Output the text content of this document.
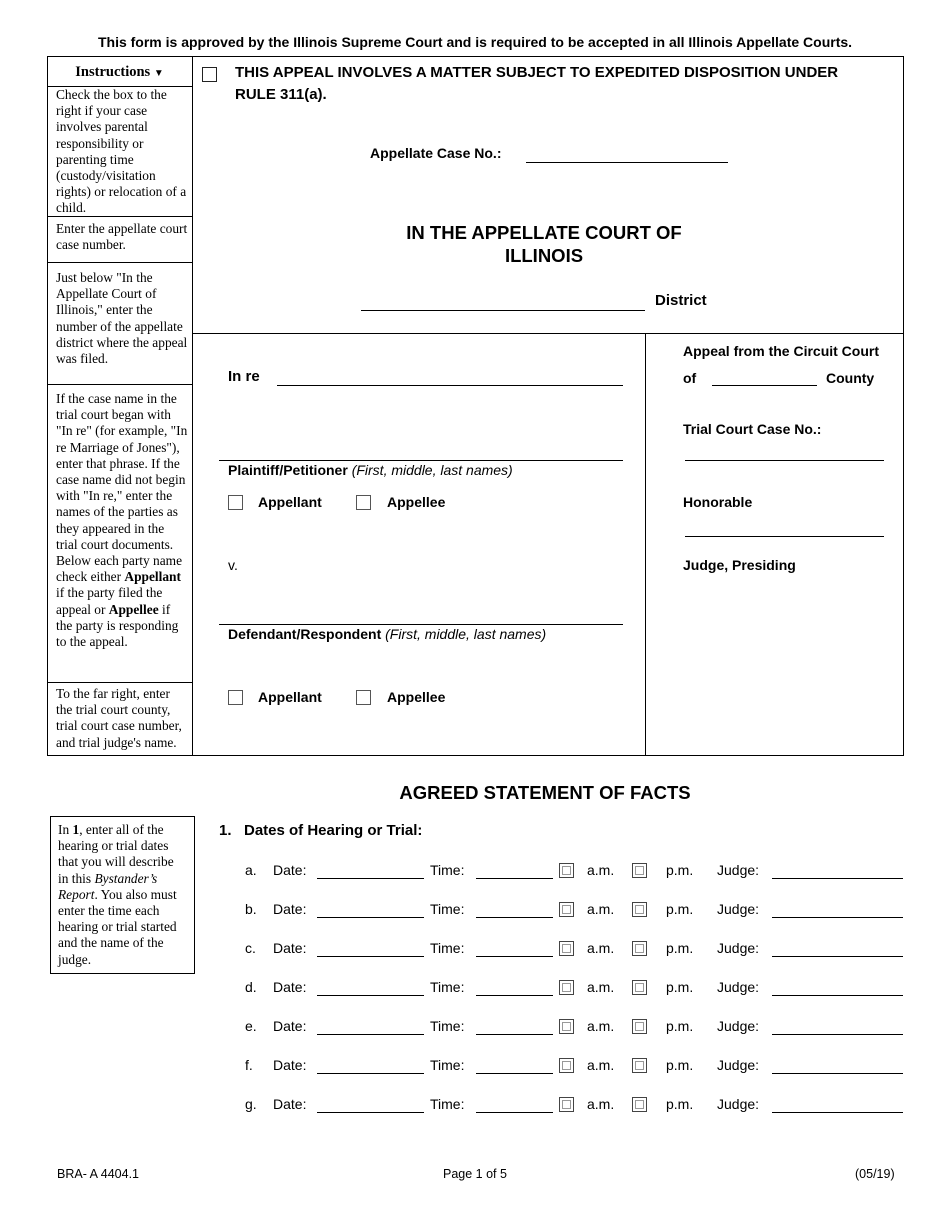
This form is approved by the Illinois Supreme Court and is required to be accepted in all Illinois Appellate Courts.
Instructions ▼
Check the box to the right if your case involves parental responsibility or parenting time (custody/visitation rights) or relocation of a child.
Enter the appellate court case number.
Just below "In the Appellate Court of Illinois," enter the number of the appellate district where the appeal was filed.
If the case name in the trial court began with "In re" (for example, "In re Marriage of Jones"), enter that phrase. If the case name did not begin with "In re," enter the names of the parties as they appeared in the trial court documents. Below each party name check either Appellant if the party filed the appeal or Appellee if the party is responding to the appeal.
To the far right, enter the trial court county, trial court case number, and trial judge's name.
THIS APPEAL INVOLVES A MATTER SUBJECT TO EXPEDITED DISPOSITION UNDER
RULE 311(a).
Appellate Case No.:
IN THE APPELLATE COURT OF
ILLINOIS
District
In re
Plaintiff/Petitioner (First, middle, last names)
Appellant	Appellee
v.
Defendant/Respondent (First, middle, last names)
Appellant	Appellee
Appeal from the Circuit Court
of	County
Trial Court Case No.:
Honorable
Judge, Presiding
AGREED STATEMENT OF FACTS
In 1, enter all of the hearing or trial dates that you will describe in this Bystander’s Report. You also must enter the time each hearing or trial started and the name of the judge.
1. Dates of Hearing or Trial:
a. Date:	Time:	a.m.	p.m. Judge:
b. Date:	Time:	a.m.	p.m. Judge:
c. Date:	Time:	a.m.	p.m. Judge:
d. Date:	Time:	a.m.	p.m. Judge:
e. Date:	Time:	a.m.	p.m. Judge:
f. Date:	Time:	a.m.	p.m. Judge:
g. Date:	Time:	a.m.	p.m. Judge:
BRA- A 4404.1	Page 1 of 5	(05/19)
